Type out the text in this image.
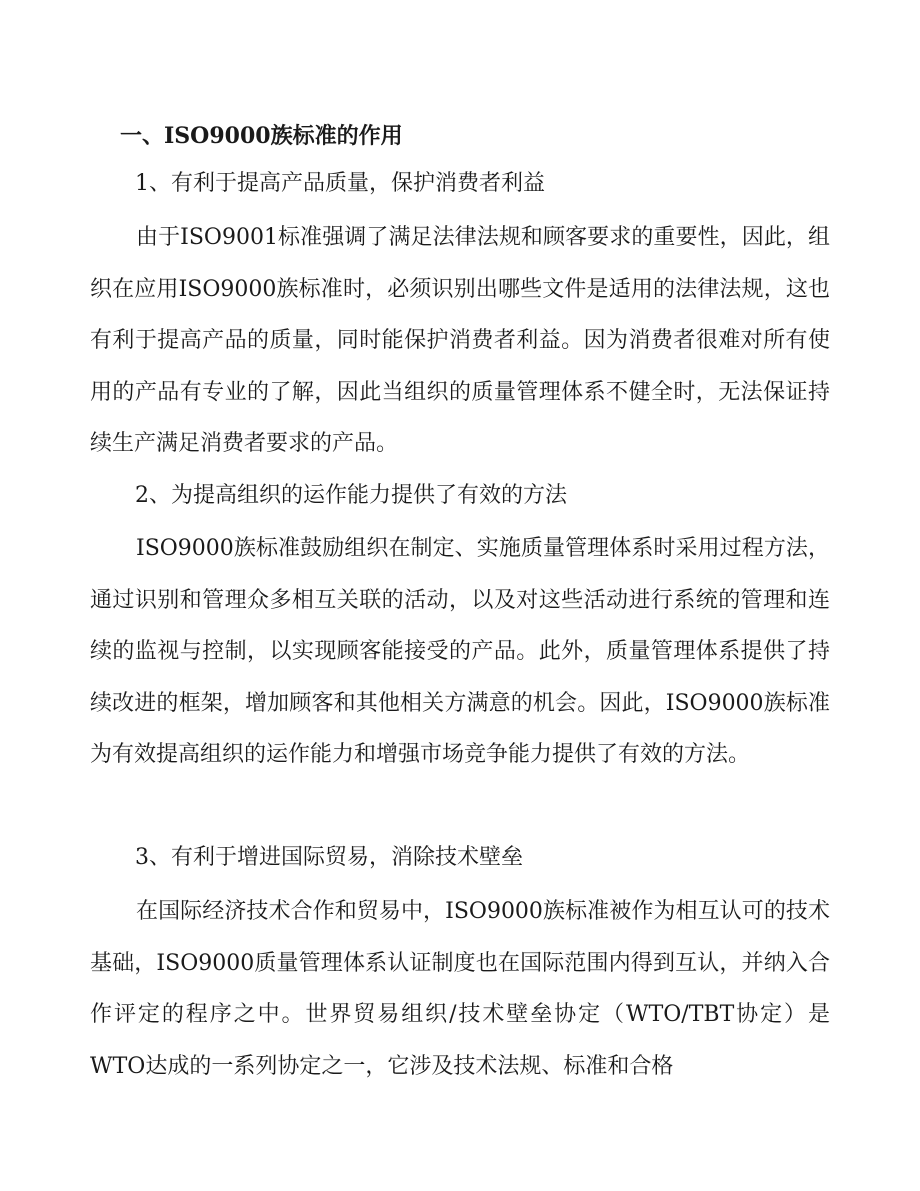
一、ISO9000族标准的作用
1、有利于提高产品质量，保护消费者利益
由于ISO9001标准强调了满足法律法规和顾客要求的重要性，因此，组织在应用ISO9000族标准时，必须识别出哪些文件是适用的法律法规，这也有利于提高产品的质量，同时能保护消费者利益。因为消费者很难对所有使用的产品有专业的了解，因此当组织的质量管理体系不健全时，无法保证持续生产满足消费者要求的产品。
2、为提高组织的运作能力提供了有效的方法
ISO9000族标准鼓励组织在制定、实施质量管理体系时采用过程方法，通过识别和管理众多相互关联的活动，以及对这些活动进行系统的管理和连续的监视与控制，以实现顾客能接受的产品。此外，质量管理体系提供了持续改进的框架，增加顾客和其他相关方满意的机会。因此，ISO9000族标准为有效提高组织的运作能力和增强市场竞争能力提供了有效的方法。
3、有利于增进国际贸易，消除技术壁垒
在国际经济技术合作和贸易中，ISO9000族标准被作为相互认可的技术基础，ISO9000质量管理体系认证制度也在国际范围内得到互认，并纳入合作评定的程序之中。世界贸易组织/技术壁垒协定（WTO/TBT协定）是WTO达成的一系列协定之一，它涉及技术法规、标准和合格
